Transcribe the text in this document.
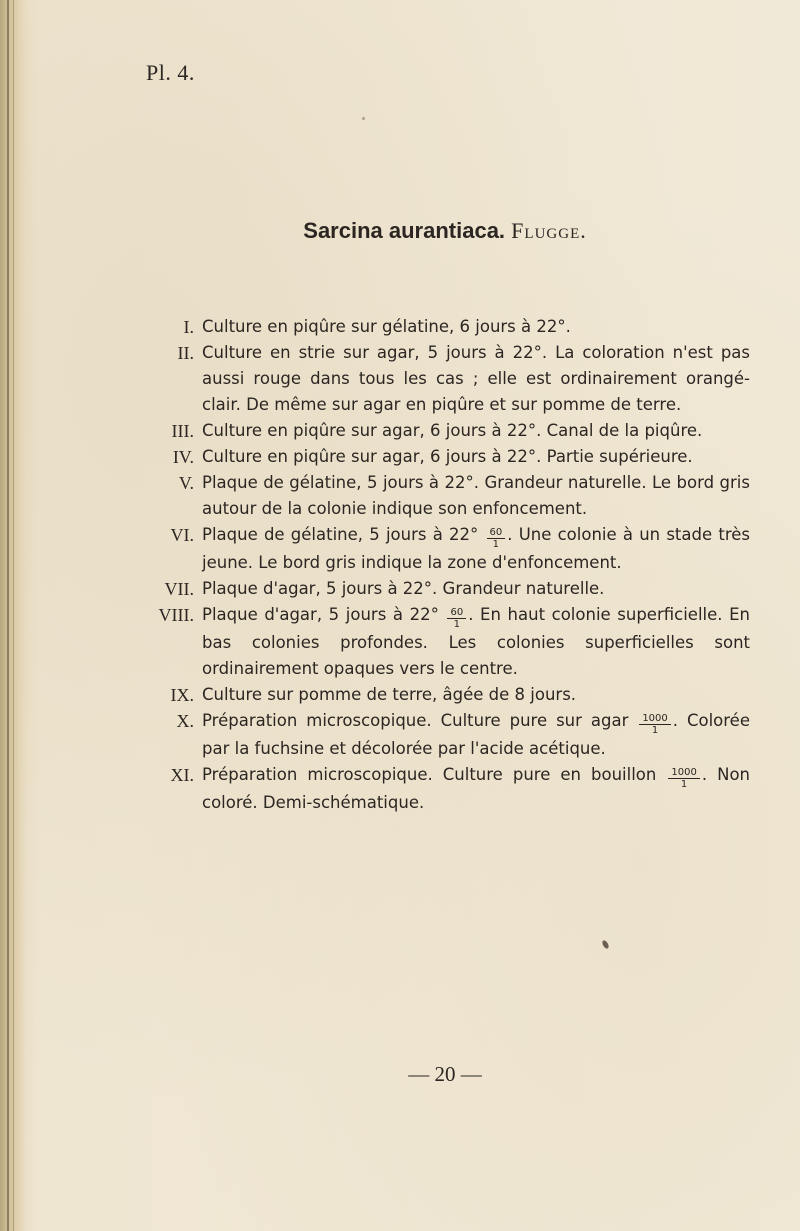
Pl. 4.
Sarcina aurantiaca. Flugge.
I. Culture en piqûre sur gélatine, 6 jours à 22°.
II. Culture en strie sur agar, 5 jours à 22°. La coloration n'est pas aussi rouge dans tous les cas ; elle est ordinairement orangé-clair. De même sur agar en piqûre et sur pomme de terre.
III. Culture en piqûre sur agar, 6 jours à 22°. Canal de la piqûre.
IV. Culture en piqûre sur agar, 6 jours à 22°. Partie supérieure.
V. Plaque de gélatine, 5 jours à 22°. Grandeur naturelle. Le bord gris autour de la colonie indique son enfoncement.
VI. Plaque de gélatine, 5 jours à $22^\circ \frac{60}{1}$ . Une colonie à un stade très jeune. Le bord gris indique la zone d'enfoncement.
VII. Plaque d'agar, 5 jours à 22°. Grandeur naturelle.
VIII. Plaque d'agar, 5 jours à $22^\circ \frac{60}{1}$ . En haut colonie superficielle. En bas colonies profondes. Les colonies superficielles sont ordinairement opaques vers le centre.
IX. Culture sur pomme de terre, âgée de 8 jours.
X. Préparation microscopique. Culture pure sur agar $\frac{1000}{1}$ . Colorée par la fuchsine et décolorée par l'acide acétique.
XI. Préparation microscopique. Culture pure en bouillon $\frac{1000}{1}$ . Non coloré. Demi-schématique.
— 20 —
